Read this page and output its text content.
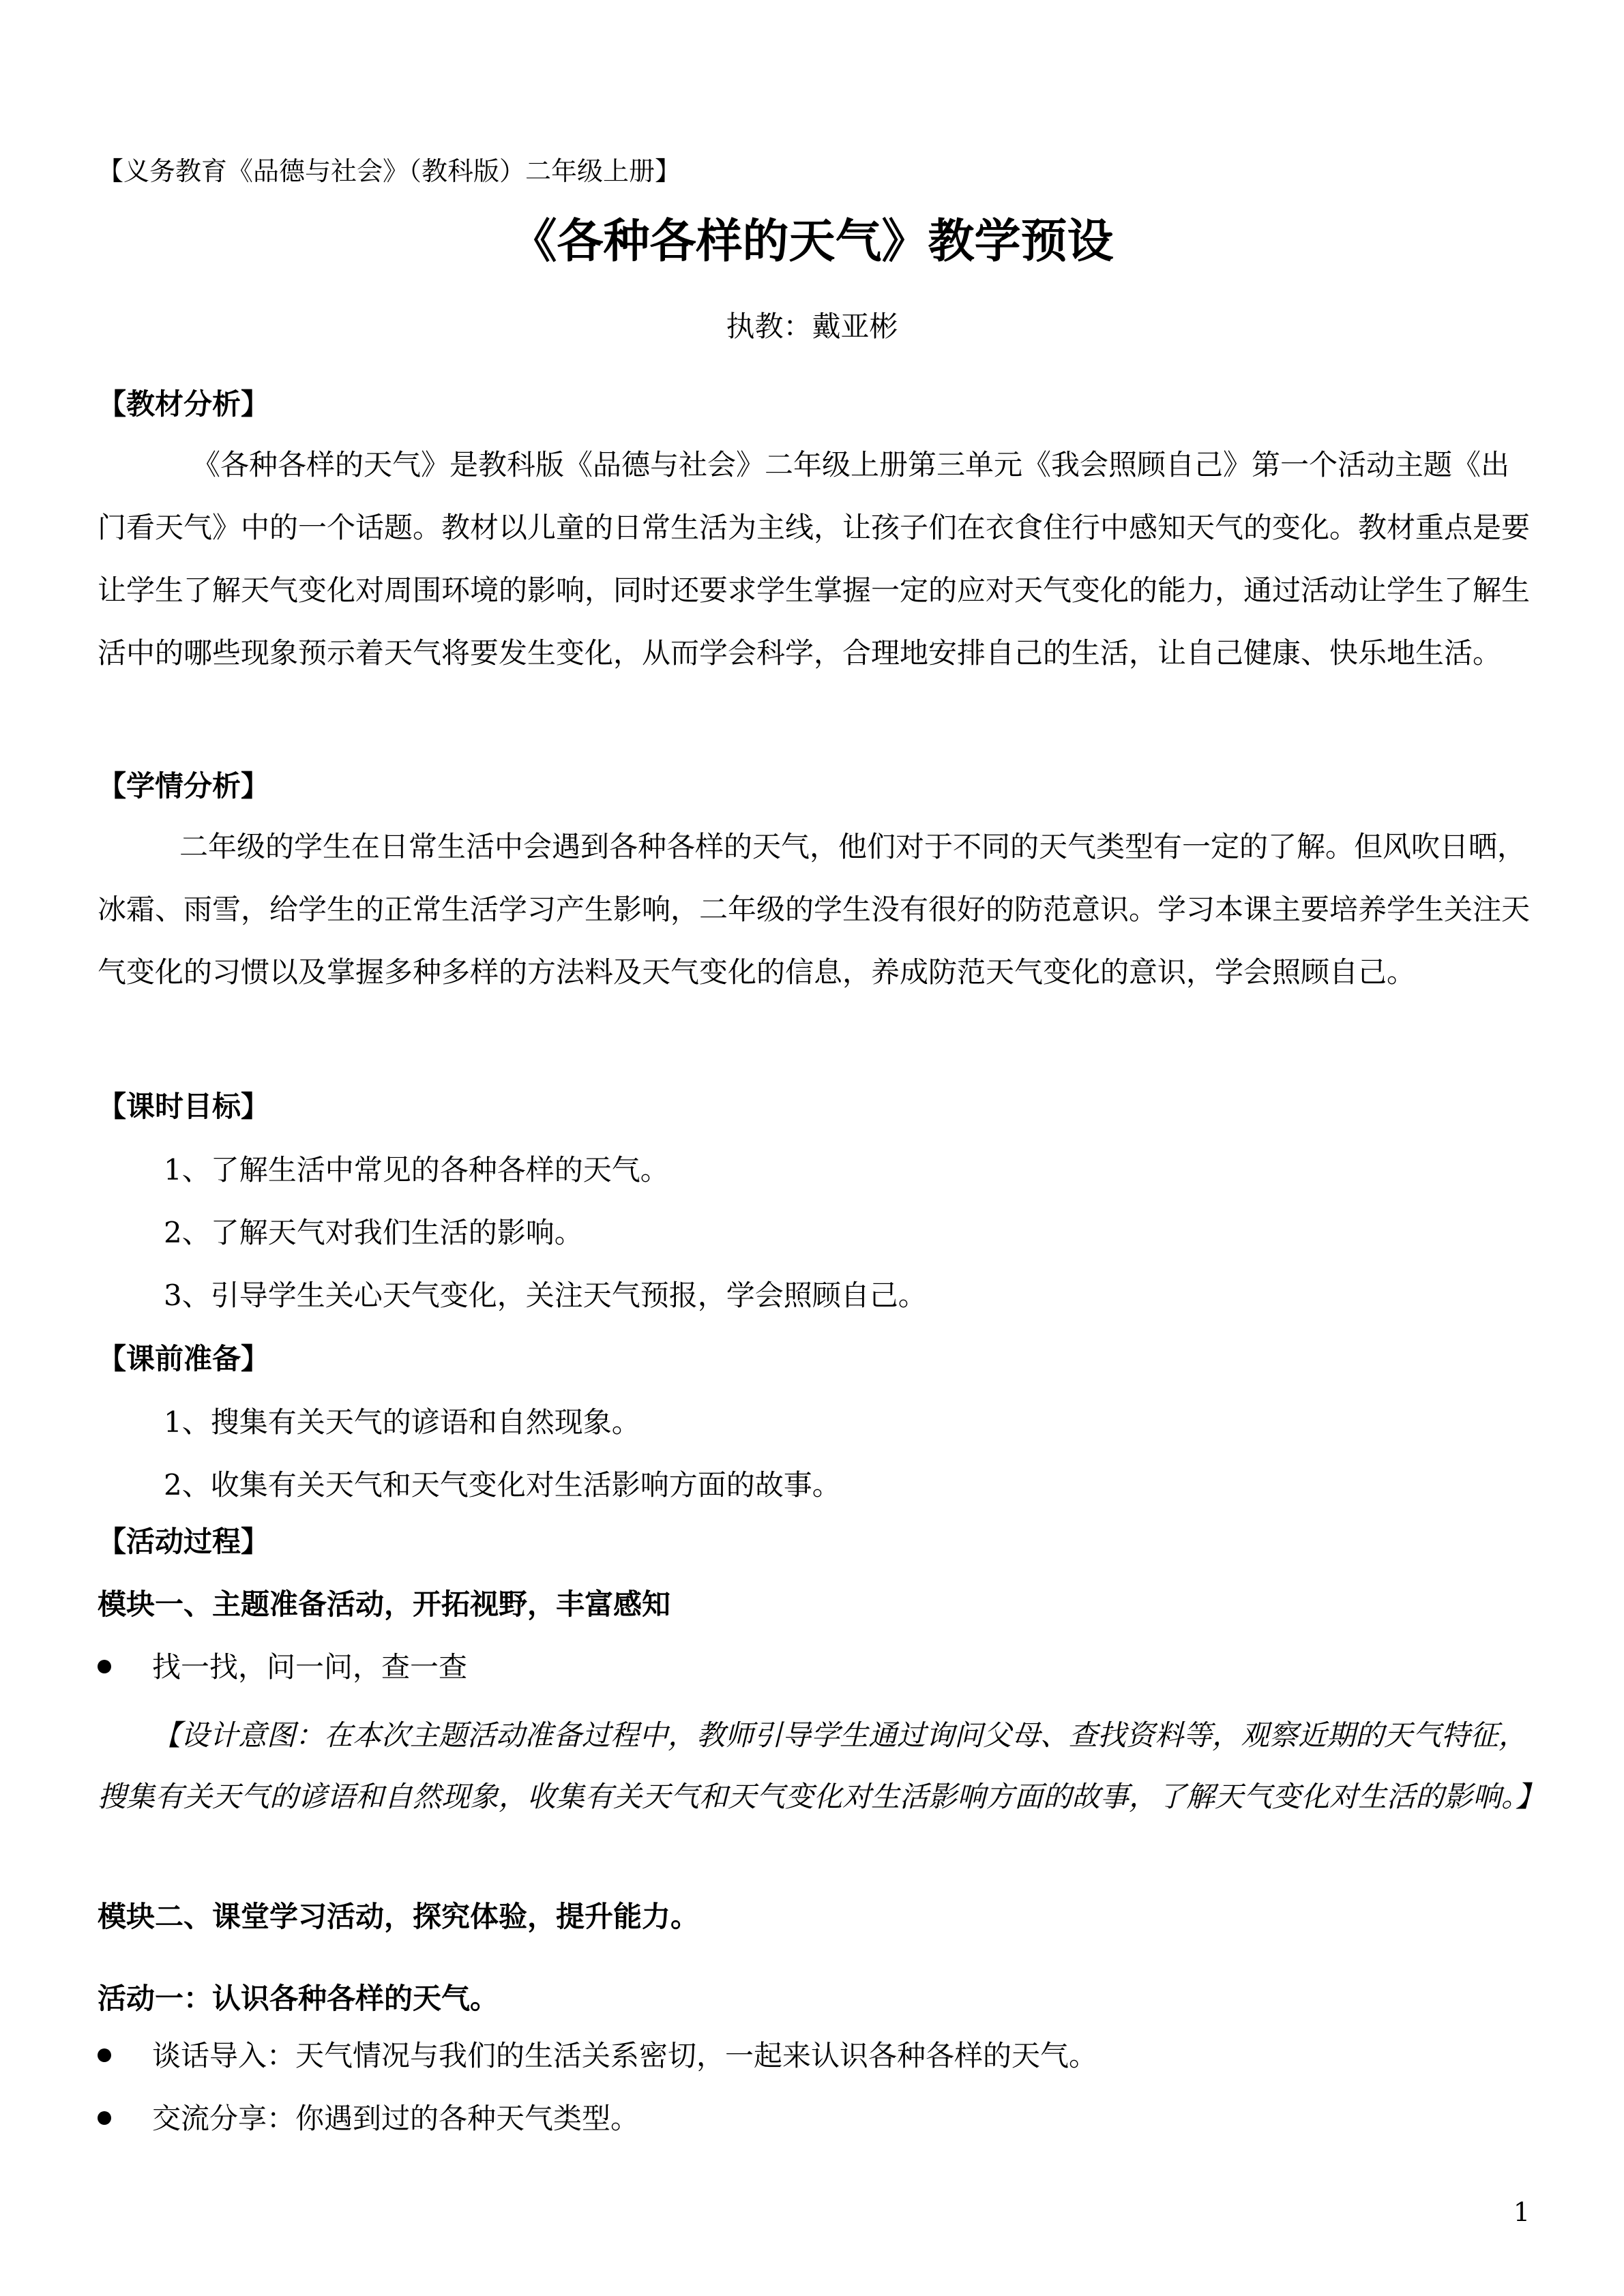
【义务教育《品德与社会》（教科版）二年级上册】
《各种各样的天气》教学预设
执教：戴亚彬
【教材分析】
《各种各样的天气》是教科版《品德与社会》二年级上册第三单元《我会照顾自己》第一个活动主题《出门看天气》中的一个话题。教材以儿童的日常生活为主线，让孩子们在衣食住行中感知天气的变化。教材重点是要让学生了解天气变化对周围环境的影响，同时还要求学生掌握一定的应对天气变化的能力，通过活动让学生了解生活中的哪些现象预示着天气将要发生变化，从而学会科学，合理地安排自己的生活，让自己健康、快乐地生活。
【学情分析】
二年级的学生在日常生活中会遇到各种各样的天气，他们对于不同的天气类型有一定的了解。但风吹日晒，冰霜、雨雪，给学生的正常生活学习产生影响，二年级的学生没有很好的防范意识。学习本课主要培养学生关注天气变化的习惯以及掌握多种多样的方法料及天气变化的信息，养成防范天气变化的意识，学会照顾自己。
【课时目标】
1、了解生活中常见的各种各样的天气。
2、了解天气对我们生活的影响。
3、引导学生关心天气变化，关注天气预报，学会照顾自己。
【课前准备】
1、搜集有关天气的谚语和自然现象。
2、收集有关天气和天气变化对生活影响方面的故事。
【活动过程】
模块一、主题准备活动，开拓视野，丰富感知
找一找，问一问，查一查
【设计意图：在本次主题活动准备过程中，教师引导学生通过询问父母、查找资料等，观察近期的天气特征，搜集有关天气的谚语和自然现象，收集有关天气和天气变化对生活影响方面的故事，了解天气变化对生活的影响。】
模块二、课堂学习活动，探究体验，提升能力。
活动一：认识各种各样的天气。
谈话导入：天气情况与我们的生活关系密切，一起来认识各种各样的天气。
交流分享：你遇到过的各种天气类型。
1
